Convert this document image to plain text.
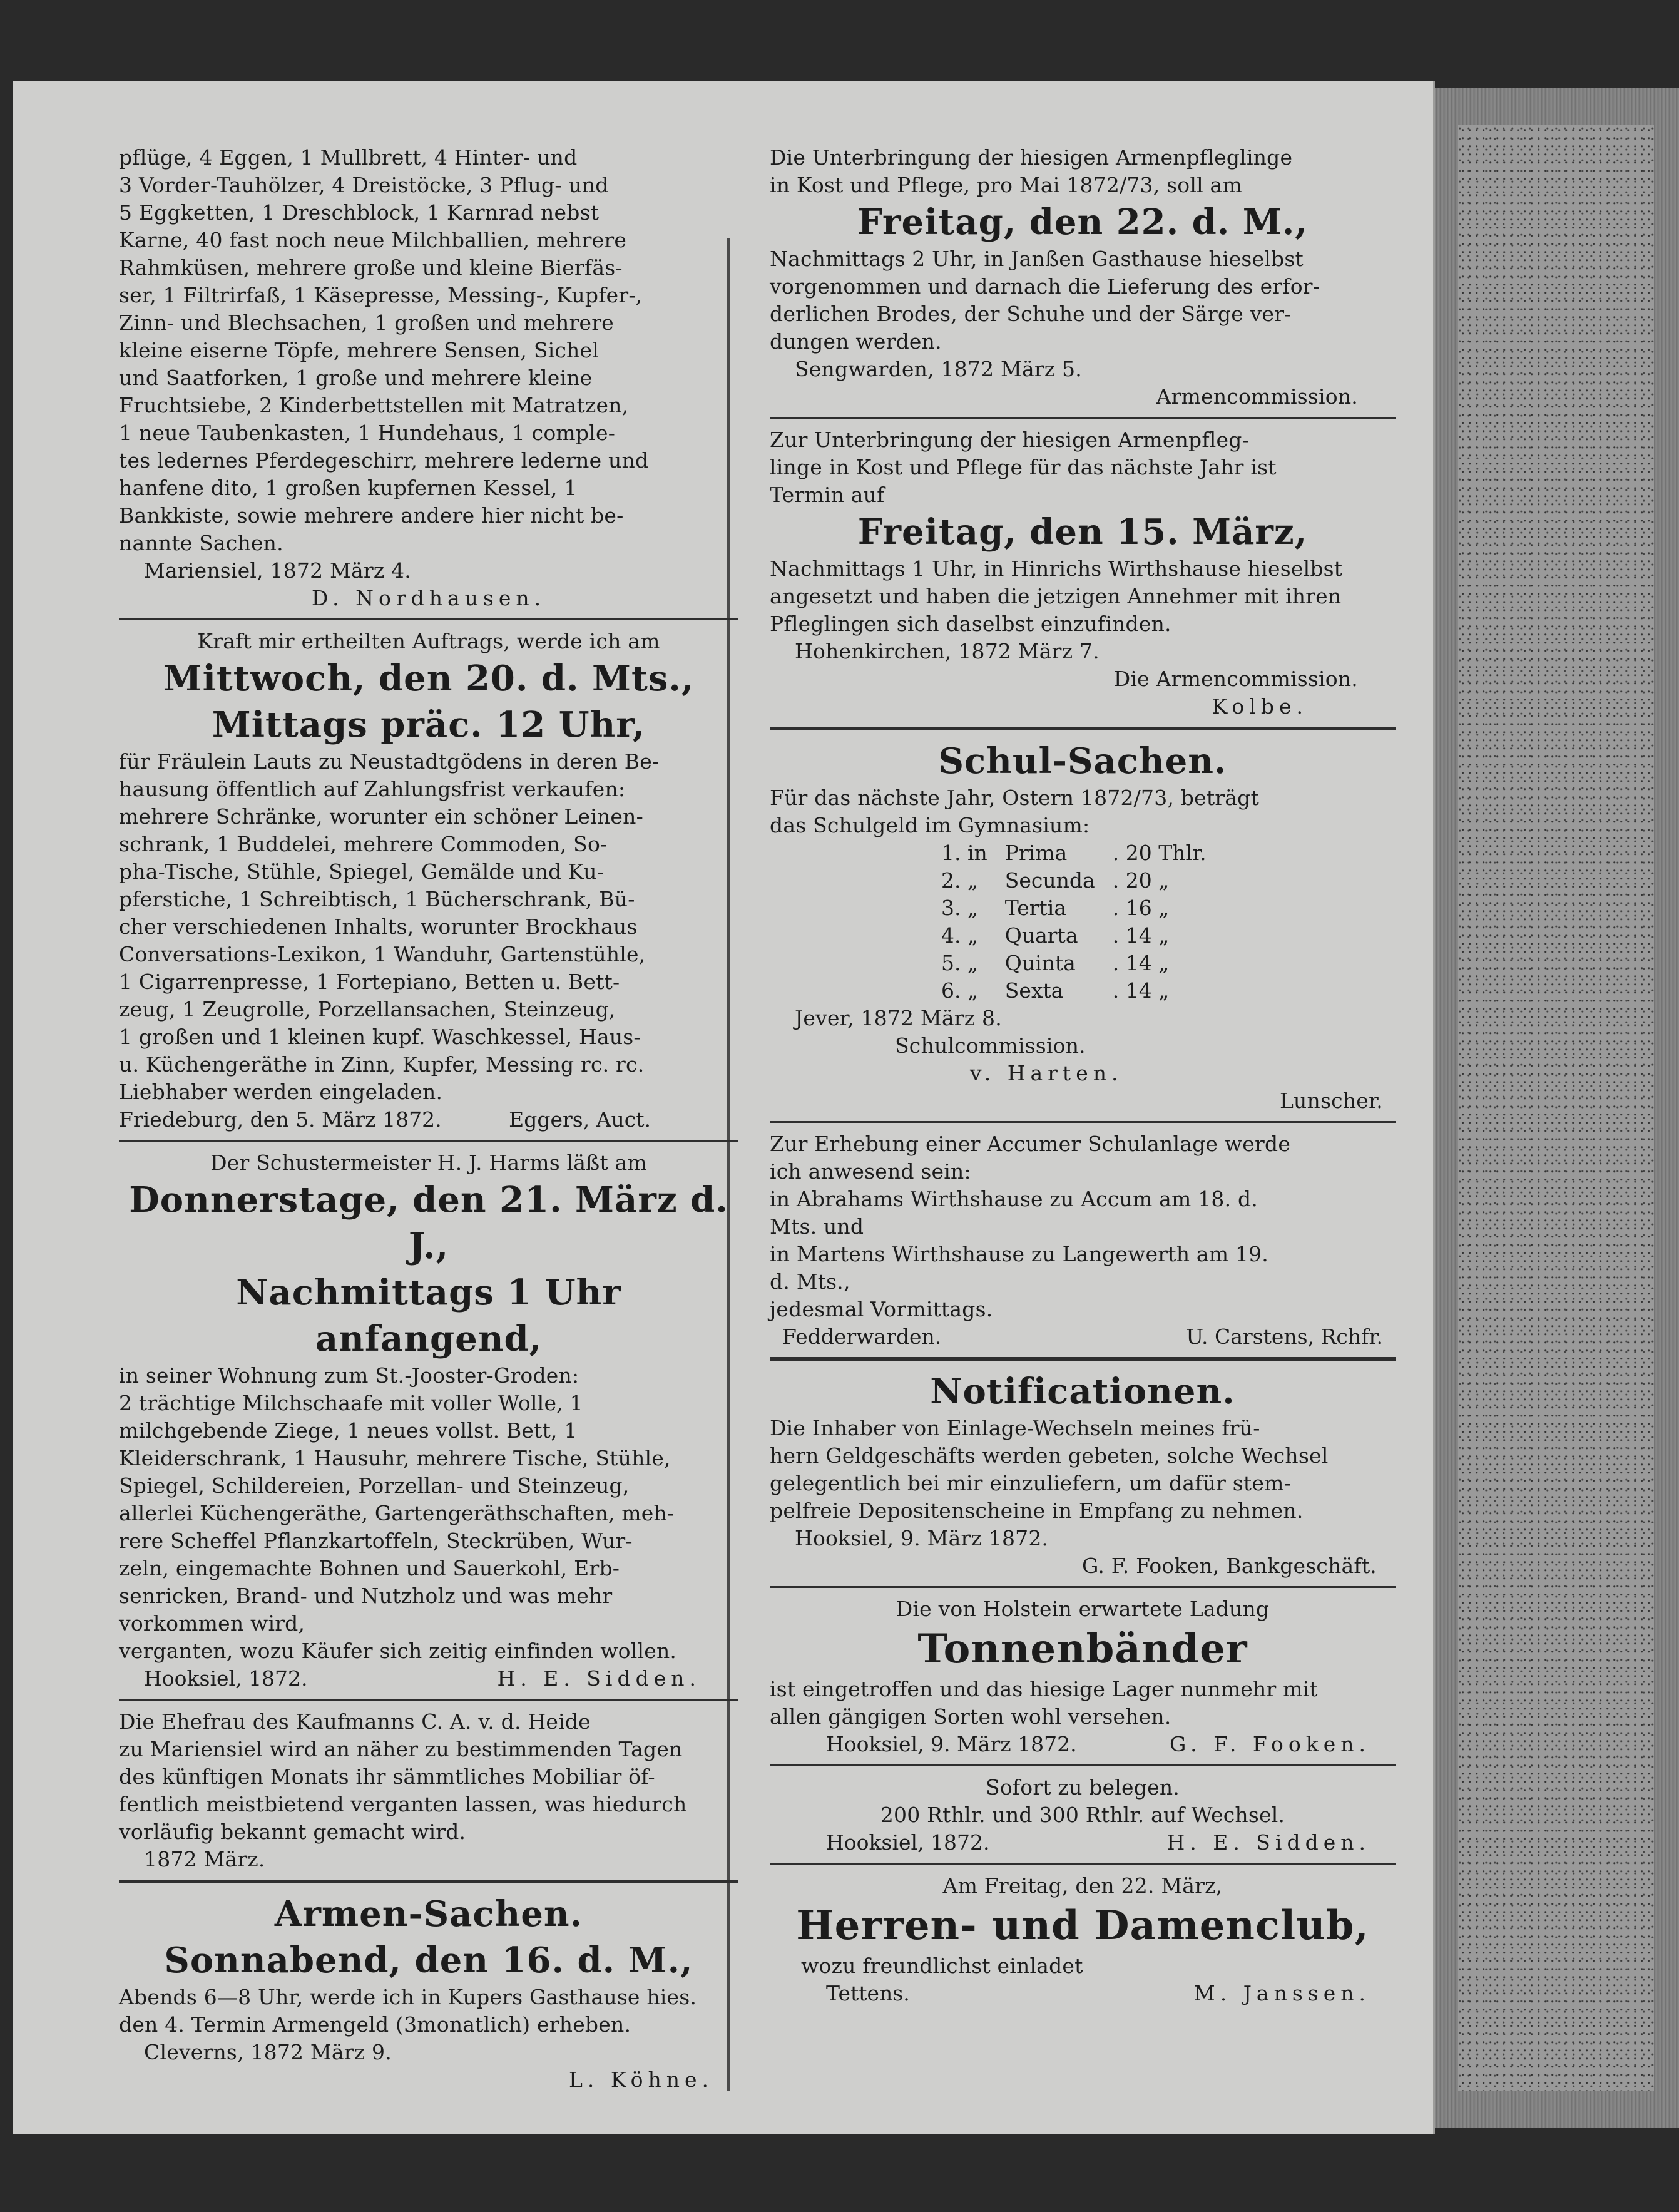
pflüge, 4 Eggen, 1 Mullbrett, 4 Hinter- und

3 Vorder-Tauhölzer, 4 Dreistöcke, 3 Pflug- und

5 Eggketten, 1 Dreschblock, 1 Karnrad nebst

Karne, 40 fast noch neue Milchballien, mehrere

Rahmküsen, mehrere große und kleine Bierfäs-

ser, 1 Filtrirfaß, 1 Käsepresse, Messing-, Kupfer-,

Zinn- und Blechsachen, 1 großen und mehrere

kleine eiserne Töpfe, mehrere Sensen, Sichel

und Saatforken, 1 große und mehrere kleine

Fruchtsiebe, 2 Kinderbettstellen mit Matratzen,

1 neue Taubenkasten, 1 Hundehaus, 1 comple-

tes ledernes Pferdegeschirr, mehrere lederne und

hanfene dito, 1 großen kupfernen Kessel, 1

Bankkiste, sowie mehrere andere hier nicht be-

nannte Sachen.

Mariensiel, 1872 März 4.

D. Nordhausen.

Kraft mir ertheilten Auftrags, werde ich am

Mittwoch, den 20. d. Mts.,

Mittags präc. 12 Uhr,

für Fräulein Lauts zu Neustadtgödens in deren Be-

hausung öffentlich auf Zahlungsfrist verkaufen:

mehrere Schränke, worunter ein schöner Leinen-

schrank, 1 Buddelei, mehrere Commoden, So-

pha-Tische, Stühle, Spiegel, Gemälde und Ku-

pferstiche, 1 Schreibtisch, 1 Bücherschrank, Bü-

cher verschiedenen Inhalts, worunter Brockhaus

Conversations-Lexikon, 1 Wanduhr, Gartenstühle,

1 Cigarrenpresse, 1 Fortepiano, Betten u. Bett-

zeug, 1 Zeugrolle, Porzellansachen, Steinzeug,

1 großen und 1 kleinen kupf. Waschkessel, Haus-

u. Küchengeräthe in Zinn, Kupfer, Messing rc. rc.

Liebhaber werden eingeladen.

Friedeburg, den 5. März 1872.	Eggers, Auct.

Der Schustermeister H. J. Harms läßt am

Donnerstage, den 21. März d. J.,

Nachmittags 1 Uhr anfangend,

in seiner Wohnung zum St.-Jooster-Groden:

2 trächtige Milchschaafe mit voller Wolle, 1

milchgebende Ziege, 1 neues vollst. Bett, 1

Kleiderschrank, 1 Hausuhr, mehrere Tische, Stühle,

Spiegel, Schildereien, Porzellan- und Steinzeug,

allerlei Küchengeräthe, Gartengeräthschaften, meh-

rere Scheffel Pflanzkartoffeln, Steckrüben, Wur-

zeln, eingemachte Bohnen und Sauerkohl, Erb-

senricken, Brand- und Nutzholz und was mehr

vorkommen wird,

verganten, wozu Käufer sich zeitig einfinden wollen.

Hooksiel, 1872.	H. E. Sidden.

Die Ehefrau des Kaufmanns C. A. v. d. Heide

zu Mariensiel wird an näher zu bestimmenden Tagen

des künftigen Monats ihr sämmtliches Mobiliar öf-

fentlich meistbietend verganten lassen, was hiedurch

vorläufig bekannt gemacht wird.

1872 März.

Armen-Sachen.

Sonnabend, den 16. d. M.,

Abends 6—8 Uhr, werde ich in Kupers Gasthause hies.

den 4. Termin Armengeld (3monatlich) erheben.

Cleverns, 1872 März 9.

L. Köhne.

Die Unterbringung der hiesigen Armenpfleglinge

in Kost und Pflege, pro Mai 1872/73, soll am

Freitag, den 22. d. M.,

Nachmittags 2 Uhr, in Janßen Gasthause hieselbst

vorgenommen und darnach die Lieferung des erfor-

derlichen Brodes, der Schuhe und der Särge ver-

dungen werden.

Sengwarden, 1872 März 5.

Armencommission.

Zur Unterbringung der hiesigen Armenpfleg-

linge in Kost und Pflege für das nächste Jahr ist

Termin auf

Freitag, den 15. März,

Nachmittags 1 Uhr, in Hinrichs Wirthshause hieselbst

angesetzt und haben die jetzigen Annehmer mit ihren

Pfleglingen sich daselbst einzufinden.

Hohenkirchen, 1872 März 7.

Die Armencommission.

Kolbe.

Schul-Sachen.

Für das nächste Jahr, Ostern 1872/73, beträgt

das Schulgeld im Gymnasium:

1. in	Prima	. 20 Thlr.
2. „	Secunda	. 20 „
3. „	Tertia	. 16 „
4. „	Quarta	. 14 „
5. „	Quinta	. 14 „
6. „	Sexta	. 14 „

Jever, 1872 März 8.

Schulcommission.

v. Harten.

Lunscher.

Zur Erhebung einer Accumer Schulanlage werde

ich anwesend sein:

in Abrahams Wirthshause zu Accum am 18. d.

Mts. und

in Martens Wirthshause zu Langewerth am 19.

d. Mts.,

jedesmal Vormittags.

Fedderwarden.	U. Carstens, Rchfr.

Notificationen.

Die Inhaber von Einlage-Wechseln meines frü-

hern Geldgeschäfts werden gebeten, solche Wechsel

gelegentlich bei mir einzuliefern, um dafür stem-

pelfreie Depositenscheine in Empfang zu nehmen.

Hooksiel, 9. März 1872.

G. F. Fooken, Bankgeschäft.

Die von Holstein erwartete Ladung

Tonnenbänder

ist eingetroffen und das hiesige Lager nunmehr mit

allen gängigen Sorten wohl versehen.

Hooksiel, 9. März 1872.	G. F. Fooken.

Sofort zu belegen.

200 Rthlr. und 300 Rthlr. auf Wechsel.

Hooksiel, 1872.	H. E. Sidden.

Am Freitag, den 22. März,

Herren- und Damenclub,

wozu freundlichst einladet

Tettens.	M. Janssen.
